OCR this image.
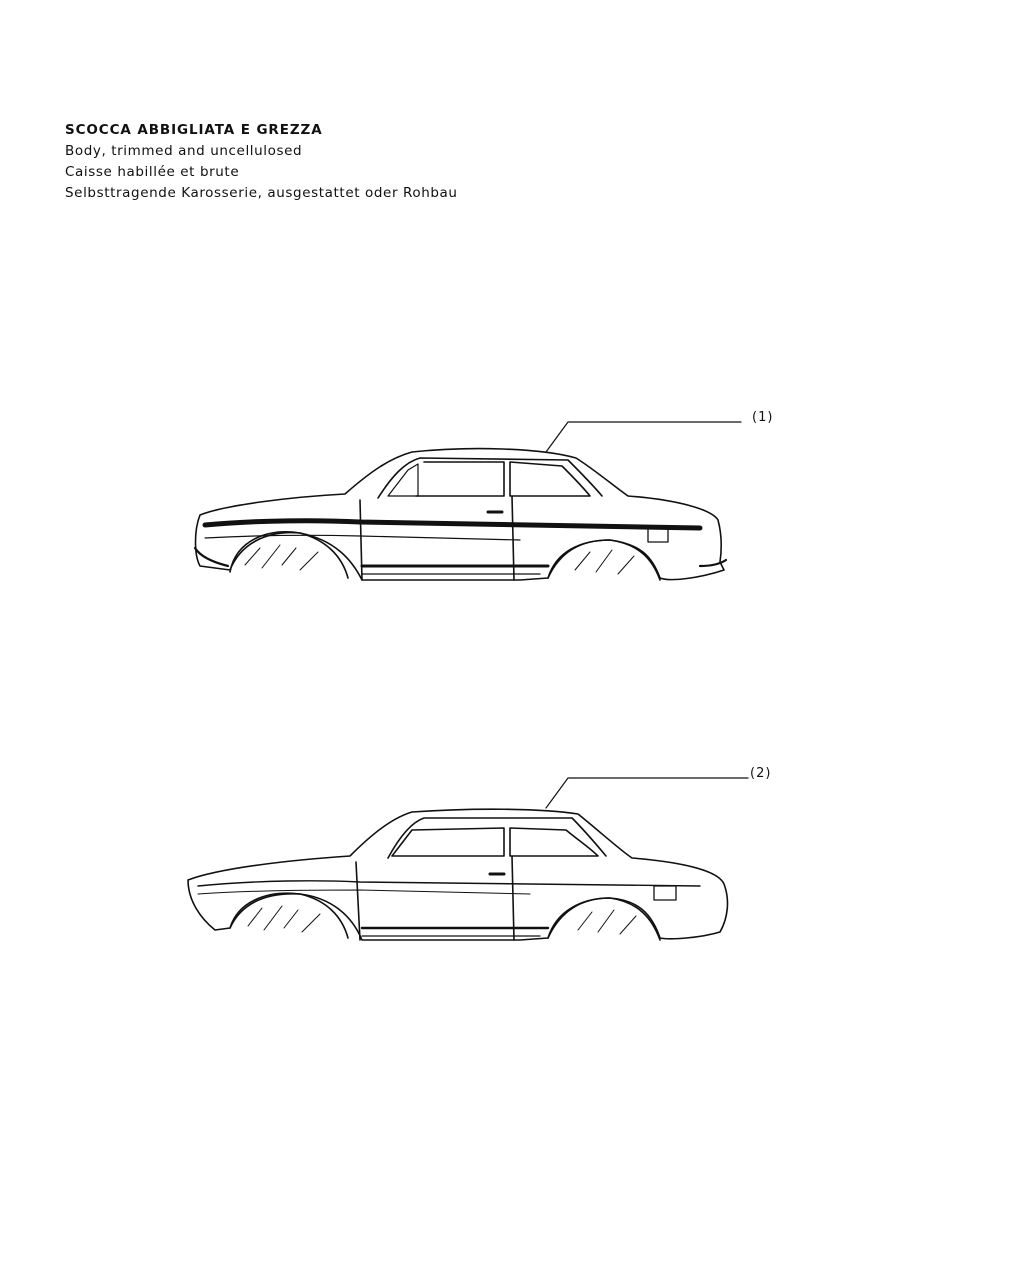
SCOCCA ABBIGLIATA E GREZZA
Body, trimmed and uncellulosed
Caisse habillée et brute
Selbsttragende Karosserie, ausgestattet oder Rohbau
(1)
(2)
